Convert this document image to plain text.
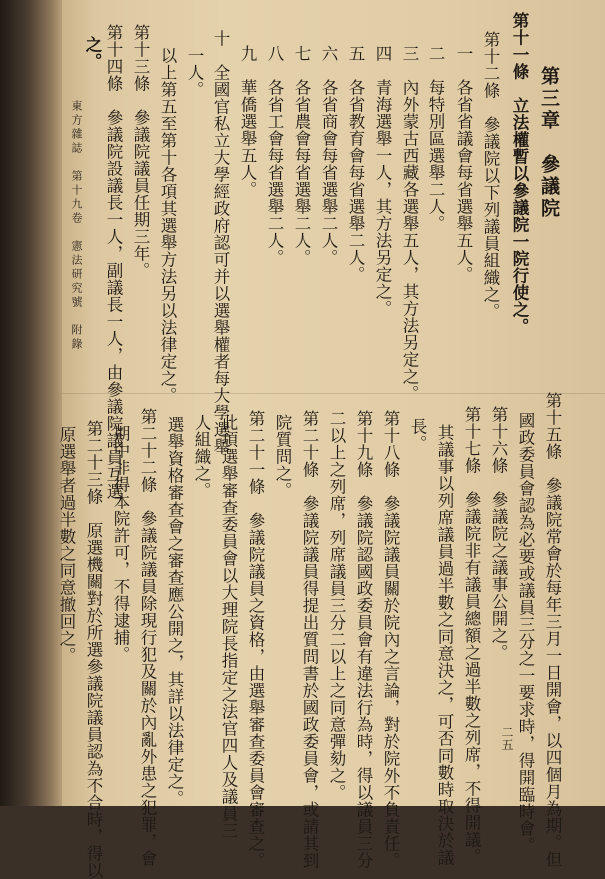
第三章　參議院
第十一條　立法權暫以參議院一院行使之。
第十二條　參議院以下列議員組織之。
一　各省省議會每省選舉五人。
二　每特別區選舉二人。
三　內外蒙古西藏各選舉五人，其方法另定之。
四　青海選舉一人，其方法另定之。
五　各省教育會每省選舉二人。
六　各省商會每省選舉二人。
七　各省農會每省選舉二人。
八　各省工會每省選舉二人。
九　華僑選舉五人。
十　全國官私立大學經政府認可并以選舉權者每大學選舉
一人。
以上第五至第十各項其選舉方法另以法律定之。
第十三條　參議院議員任期三年。
第十四條　參議院設議長一人，副議長一人，由參議院議員互選
之。
東方雜誌　第十九卷　憲法研究號　附錄
第十五條　參議院常會於每年三月一日開會，以四個月為期。但
國政委員會認為必要或議員三分之一要求時，得開臨時會。
第十六條　參議院之議事公開之。
第十七條　參議院非有議員總額之過半數之列席，不得開議。
其議事以列席議員過半數之同意決之，可否同數時取決於議
長。
第十八條　參議院議員關於院內之言論，對於院外不負責任。
第十九條　參議院認國政委員會有違法行為時，得以議員三分
二以上之列席，列席議員三分二以上之同意彈劾之。
第二十條　參議院議員得提出質問書於國政委員會，或請其到
院質問之。
第二十一條　參議院議員之資格，由選舉審查委員會審查之。
此項選舉審查委員會以大理院長指定之法官四人及議員三
人組織之。
選舉資格審查會之審查應公開之，其詳以法律定之。
第二十二條　參議院議員除現行犯及關於內亂外患之犯罪，會
期中非得本院許可，不得逮捕。
第二十三條　原選機關對於所選參議院議員認為不合時，得以
原選舉者過半數之同意撤回之。
二五
